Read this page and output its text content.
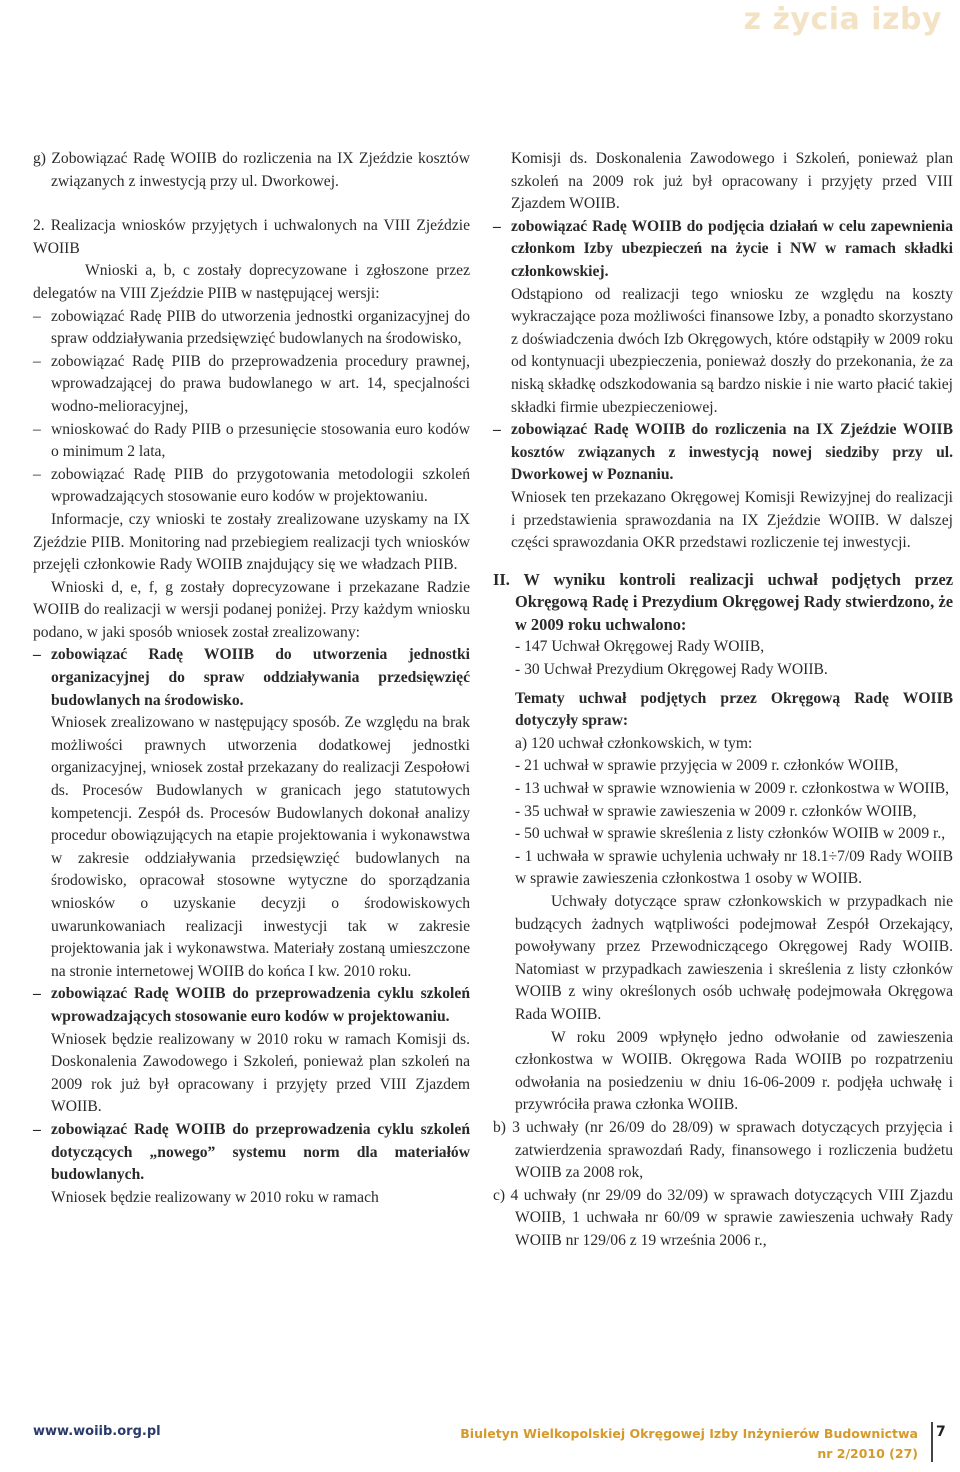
z życia izby

g) Zobowiązać Radę WOIIB do rozliczenia na IX Zjeździe kosztów związanych z inwestycją przy ul. Dworkowej.

2. Realizacja wniosków przyjętych i uchwalonych na VIII Zjeździe WOIIB

Wnioski a, b, c zostały doprecyzowane i zgłoszone przez delegatów na VIII Zjeździe PIIB w następującej wersji:

– zobowiązać Radę PIIB do utworzenia jednostki organizacyjnej do spraw oddziaływania przedsięwzięć budowlanych na środowisko,

– zobowiązać Radę PIIB do przeprowadzenia procedury prawnej, wprowadzającej do prawa budowlanego w art. 14, specjalności wodno-melioracyjnej,

– wnioskować do Rady PIIB o przesunięcie stosowania euro kodów o minimum 2 lata,

– zobowiązać Radę PIIB do przygotowania metodologii szkoleń wprowadzających stosowanie euro kodów w projektowaniu.

Informacje, czy wnioski te zostały zrealizowane uzyskamy na IX Zjeździe PIIB. Monitoring nad przebiegiem realizacji tych wniosków przejęli członkowie Rady WOIIB znajdujący się we władzach PIIB.

Wnioski d, e, f, g zostały doprecyzowane i przekazane Radzie WOIIB do realizacji w wersji podanej poniżej. Przy każdym wniosku podano, w jaki sposób wniosek został zrealizowany:

– zobowiązać Radę WOIIB do utworzenia jednostki organizacyjnej do spraw oddziaływania przedsięwzięć budowlanych na środowisko.

Wniosek zrealizowano w następujący sposób. Ze względu na brak możliwości prawnych utworzenia dodatkowej jednostki organizacyjnej, wniosek został przekazany do realizacji Zespołowi ds. Procesów Budowlanych w granicach jego statutowych kompetencji. Zespół ds. Procesów Budowlanych dokonał analizy procedur obowiązujących na etapie projektowania i wykonawstwa w zakresie oddziaływania przedsięwzięć budowlanych na środowisko, opracował stosowne wytyczne do sporządzania wniosków o uzyskanie decyzji o środowiskowych uwarunkowaniach realizacji inwestycji tak w zakresie projektowania jak i wykonawstwa. Materiały zostaną umieszczone na stronie internetowej WOIIB do końca I kw. 2010 roku.

– zobowiązać Radę WOIIB do przeprowadzenia cyklu szkoleń wprowadzających stosowanie euro kodów w projektowaniu.

Wniosek będzie realizowany w 2010 roku w ramach Komisji ds. Doskonalenia Zawodowego i Szkoleń, ponieważ plan szkoleń na 2009 rok już był opracowany i przyjęty przed VIII Zjazdem WOIIB.

– zobowiązać Radę WOIIB do przeprowadzenia cyklu szkoleń dotyczących „nowego” systemu norm dla materiałów budowlanych.

Wniosek będzie realizowany w 2010 roku w ramach

Komisji ds. Doskonalenia Zawodowego i Szkoleń, ponieważ plan szkoleń na 2009 rok już był opracowany i przyjęty przed VIII Zjazdem WOIIB.

– zobowiązać Radę WOIIB do podjęcia działań w celu zapewnienia członkom Izby ubezpieczeń na życie i NW w ramach składki członkowskiej.

Odstąpiono od realizacji tego wniosku ze względu na koszty wykraczające poza możliwości finansowe Izby, a ponadto skorzystano z doświadczenia dwóch Izb Okręgowych, które odstąpiły w 2009 roku od kontynuacji ubezpieczenia, ponieważ doszły do przekonania, że za niską składkę odszkodowania są bardzo niskie i nie warto płacić takiej składki firmie ubezpieczeniowej.

– zobowiązać Radę WOIIB do rozliczenia na IX Zjeździe WOIIB kosztów związanych z inwestycją nowej siedziby przy ul. Dworkowej w Poznaniu.

Wniosek ten przekazano Okręgowej Komisji Rewizyjnej do realizacji i przedstawienia sprawozdania na IX Zjeździe WOIIB. W dalszej części sprawozdania OKR przedstawi rozliczenie tej inwestycji.

II. W wyniku kontroli realizacji uchwał podjętych przez Okręgową Radę i Prezydium Okręgowej Rady stwierdzono, że w 2009 roku uchwalono:

- 147 Uchwał Okręgowej Rady WOIIB,

- 30 Uchwał Prezydium Okręgowej Rady WOIIB.

Tematy uchwał podjętych przez Okręgową Radę WOIIB dotyczyły spraw:

a) 120 uchwał członkowskich, w tym:

- 21 uchwał w sprawie przyjęcia w 2009 r. członków WOIIB,

- 13 uchwał w sprawie wznowienia w 2009 r. członkostwa w WOIIB,

- 35 uchwał w sprawie zawieszenia w 2009 r. członków WOIIB,

- 50 uchwał w sprawie skreślenia z listy członków WOIIB w 2009 r.,

- 1 uchwała w sprawie uchylenia uchwały nr 18.1÷7/09 Rady WOIIB w sprawie zawieszenia członkostwa 1 osoby w WOIIB.

Uchwały dotyczące spraw członkowskich w przypadkach nie budzących żadnych wątpliwości podejmował Zespół Orzekający, powoływany przez Przewodniczącego Okręgowej Rady WOIIB. Natomiast w przypadkach zawieszenia i skreślenia z listy członków WOIIB z winy określonych osób uchwałę podejmowała Okręgowa Rada WOIIB.

W roku 2009 wpłynęło jedno odwołanie od zawieszenia członkostwa w WOIIB. Okręgowa Rada WOIIB po rozpatrzeniu odwołania na posiedzeniu w dniu 16-06-2009 r. podjęła uchwałę i przywróciła prawa członka WOIIB.

b) 3 uchwały (nr 26/09 do 28/09) w sprawach dotyczących przyjęcia i zatwierdzenia sprawozdań Rady, finansowego i rozliczenia budżetu WOIIB za 2008 rok,

c) 4 uchwały (nr 29/09 do 32/09) w sprawach dotyczących VIII Zjazdu WOIIB, 1 uchwała nr 60/09 w sprawie zawieszenia uchwały Rady WOIIB nr 129/06 z 19 września 2006 r.,

www.woiib.org.pl	Biuletyn Wielkopolskiej Okręgowej Izby Inżynierów Budownictwa
nr 2/2010 (27)
7
